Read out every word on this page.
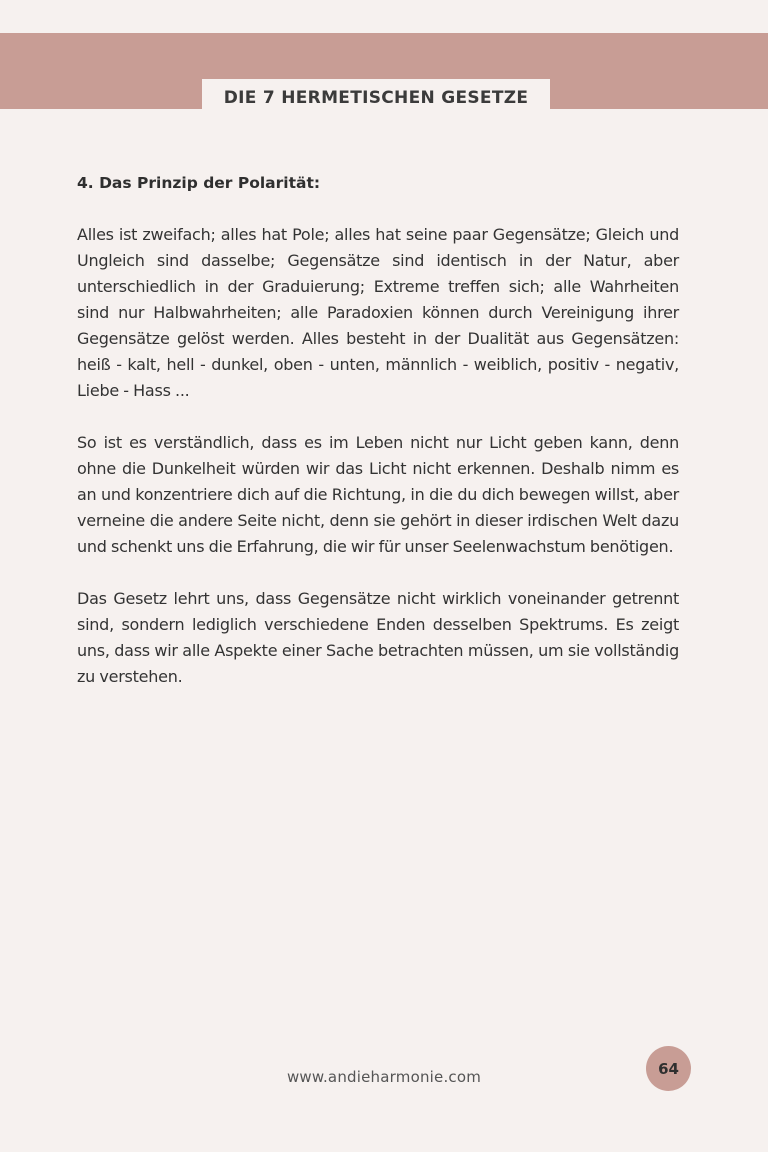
DIE 7 HERMETISCHEN GESETZE

4. Das Prinzip der Polarität:

Alles ist zweifach; alles hat Pole; alles hat seine paar Gegensätze; Gleich und Ungleich sind dasselbe; Gegensätze sind identisch in der Natur, aber unterschiedlich in der Graduierung; Extreme treffen sich; alle Wahrheiten sind nur Halbwahrheiten; alle Paradoxien können durch Vereinigung ihrer Gegensätze gelöst werden. Alles besteht in der Dualität aus Gegensätzen: heiß - kalt, hell - dunkel, oben - unten, männlich - weiblich, positiv - negativ, Liebe - Hass ...

So ist es verständlich, dass es im Leben nicht nur Licht geben kann, denn ohne die Dunkelheit würden wir das Licht nicht erkennen. Deshalb nimm es an und konzentriere dich auf die Richtung, in die du dich bewegen willst, aber verneine die andere Seite nicht, denn sie gehört in dieser irdischen Welt dazu und schenkt uns die Erfahrung, die wir für unser Seelenwachstum benötigen.

Das Gesetz lehrt uns, dass Gegensätze nicht wirklich voneinander getrennt sind, sondern lediglich verschiedene Enden desselben Spektrums. Es zeigt uns, dass wir alle Aspekte einer Sache betrachten müssen, um sie vollständig zu verstehen.

www.andieharmonie.com	64
